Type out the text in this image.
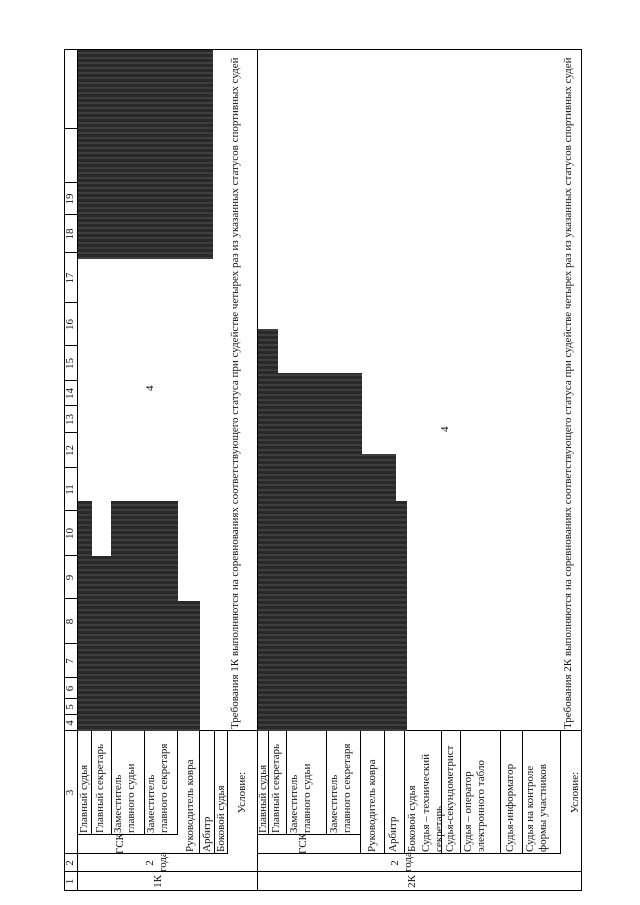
1
2
3
4
5
6
7
8
9
10
11
12
13
14
15
16
17
18
19
1К
2 года
ГСК
Главный судья Главный секретарь Заместитель главного судьи Заместитель главного секретаря Руководитель ковра Арбитр Боковой судья Условие:
4	Требования 1К выполняются на соревнованиях соответствующего статуса при судействе четырех раз из указанных статусов спортивных судей
2К
2 года
ГСК
Главный судья Главный секретарь Заместитель главного судьи Заместитель главного секретаря Руководитель ковра Арбитр Боковой судья Судья – технический секретарь Судья-секундометрист Судья – оператор электронного табло Судья-информатор Судья на контроле формы участников Условие:
4	Требования 2К выполняются на соревнованиях соответствующего статуса при судействе четырех раз из указанных статусов спортивных судей
